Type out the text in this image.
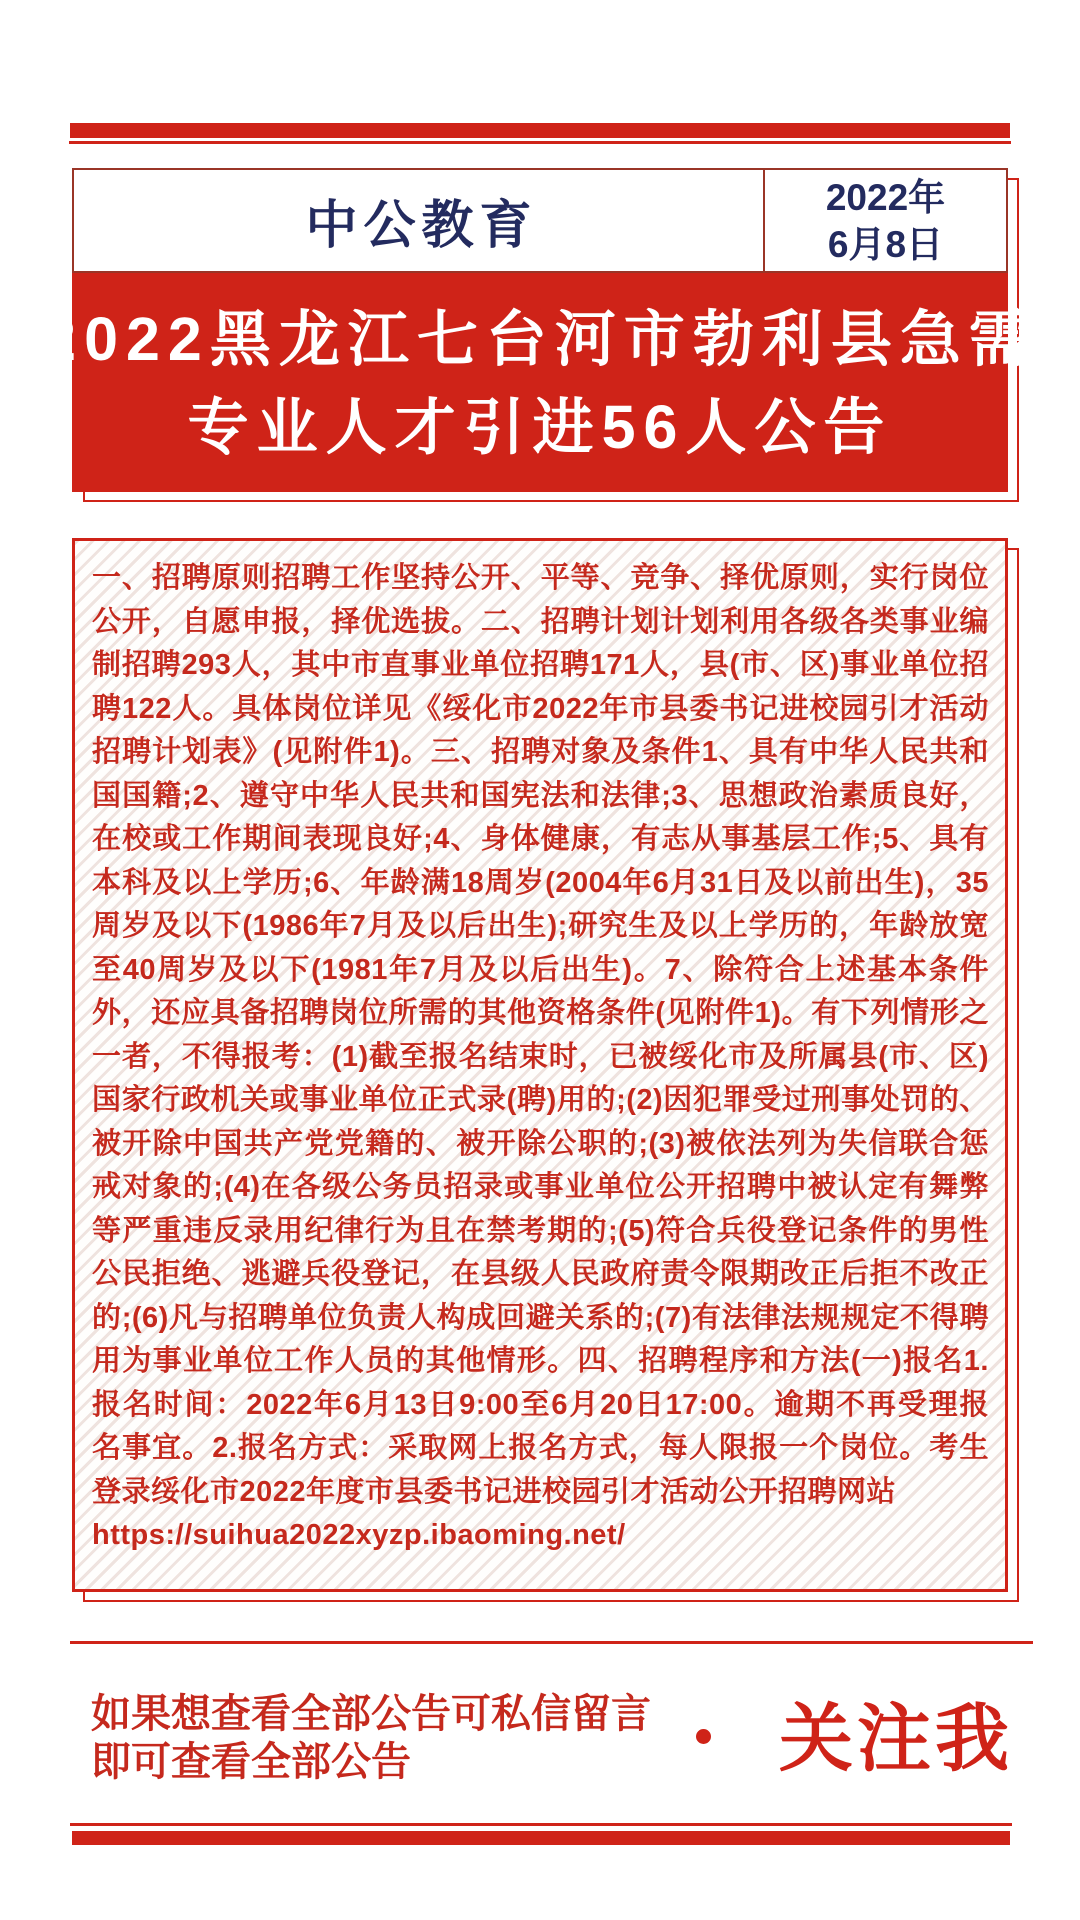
中公教育	2022年
6月8日
2022黑龙江七台河市勃利县急需
专业人才引进56人公告
一、招聘原则招聘工作坚持公开、平等、竞争、择优原则，实行岗位
公开，自愿申报，择优选拔。二、招聘计划计划利用各级各类事业编
制招聘293人，其中市直事业单位招聘171人，县(市、区)事业单位招
聘122人。具体岗位详见《绥化市2022年市县委书记进校园引才活动
招聘计划表》(见附件1)。三、招聘对象及条件1、具有中华人民共和
国国籍;2、遵守中华人民共和国宪法和法律;3、思想政治素质良好，
在校或工作期间表现良好;4、身体健康，有志从事基层工作;5、具有
本科及以上学历;6、年龄满18周岁(2004年6月31日及以前出生)，35
周岁及以下(1986年7月及以后出生);研究生及以上学历的，年龄放宽
至40周岁及以下(1981年7月及以后出生)。7、除符合上述基本条件
外，还应具备招聘岗位所需的其他资格条件(见附件1)。有下列情形之
一者，不得报考：(1)截至报名结束时，已被绥化市及所属县(市、区)
国家行政机关或事业单位正式录(聘)用的;(2)因犯罪受过刑事处罚的、
被开除中国共产党党籍的、被开除公职的;(3)被依法列为失信联合惩
戒对象的;(4)在各级公务员招录或事业单位公开招聘中被认定有舞弊
等严重违反录用纪律行为且在禁考期的;(5)符合兵役登记条件的男性
公民拒绝、逃避兵役登记，在县级人民政府责令限期改正后拒不改正
的;(6)凡与招聘单位负责人构成回避关系的;(7)有法律法规规定不得聘
用为事业单位工作人员的其他情形。四、招聘程序和方法(一)报名1.
报名时间：2022年6月13日9:00至6月20日17:00。逾期不再受理报
名事宜。2.报名方式：采取网上报名方式，每人限报一个岗位。考生
登录绥化市2022年度市县委书记进校园引才活动公开招聘网站
https://suihua2022xyzp.ibaoming.net/
如果想查看全部公告可私信留言
即可查看全部公告	关注我
